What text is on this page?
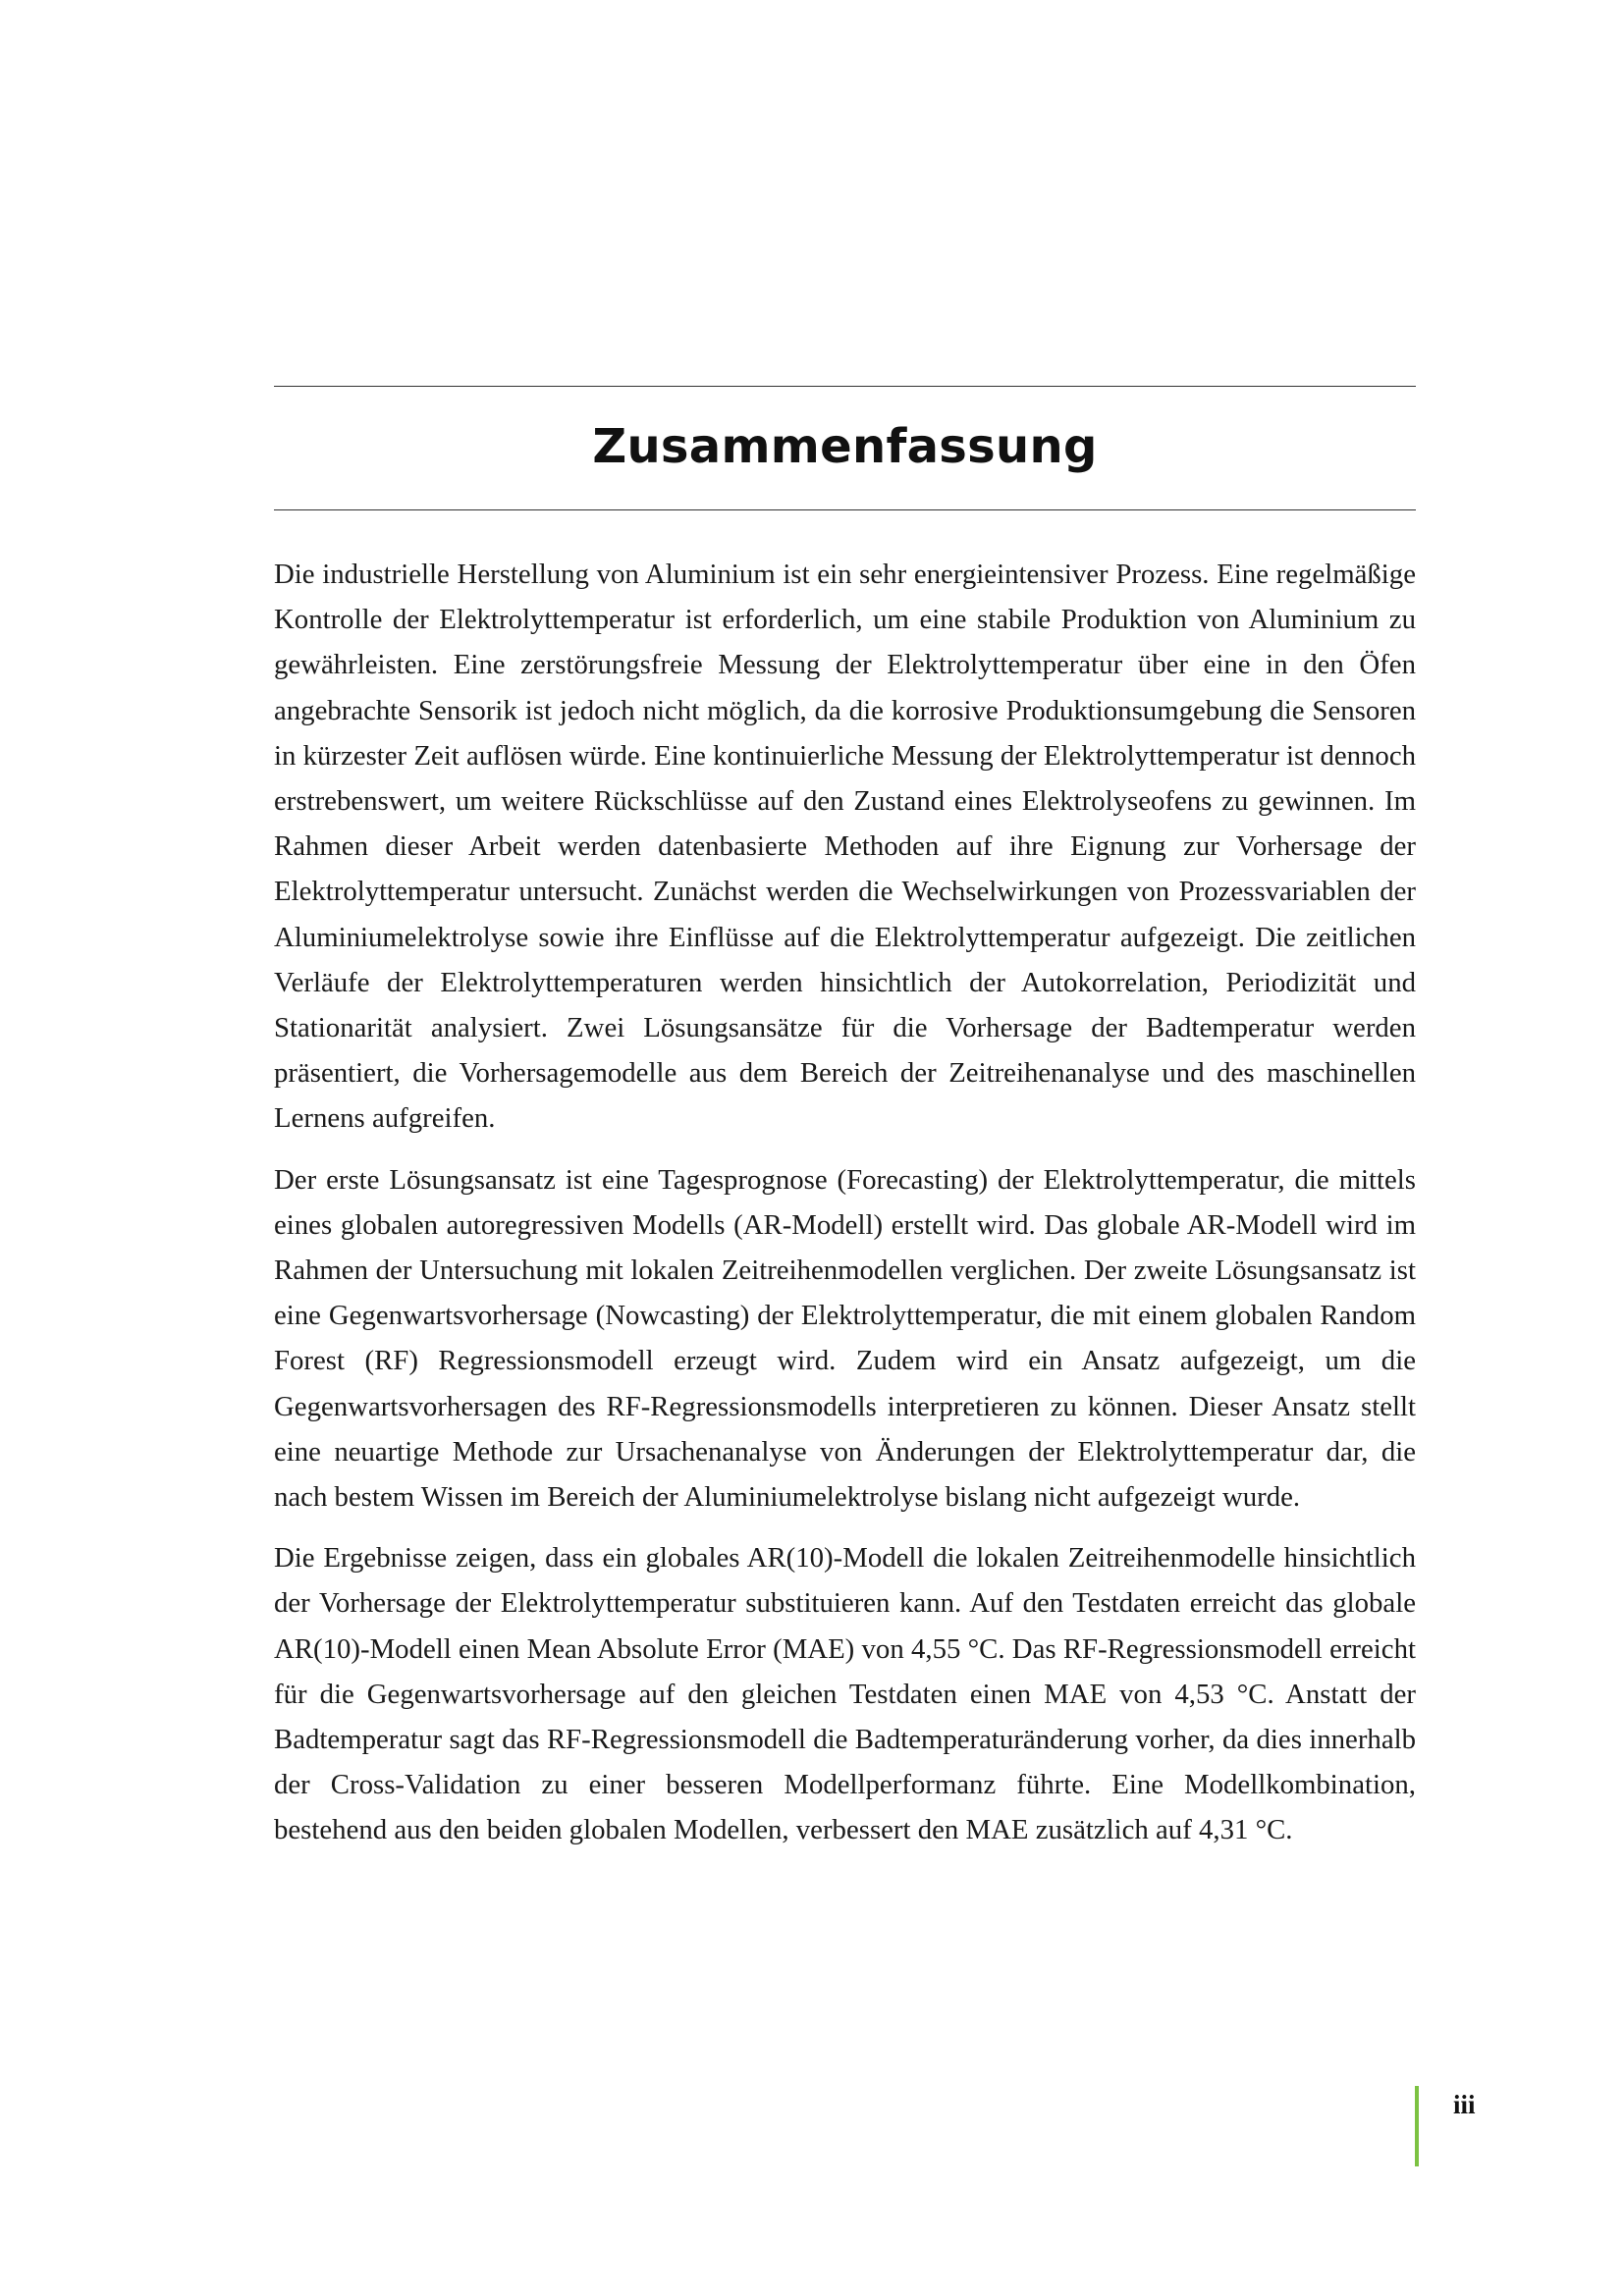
Zusammenfassung

Die industrielle Herstellung von Aluminium ist ein sehr energieintensiver Prozess. Eine regelmäßige Kontrolle der Elektrolyttemperatur ist erforderlich, um eine stabile Produktion von Aluminium zu gewährleisten. Eine zerstörungsfreie Messung der Elektrolyttemperatur über eine in den Öfen angebrachte Sensorik ist jedoch nicht möglich, da die korrosive Produktionsumgebung die Sensoren in kürzester Zeit auflösen würde. Eine kontinuierliche Messung der Elektrolyttemperatur ist dennoch erstrebenswert, um weitere Rückschlüsse auf den Zustand eines Elektrolyseofens zu gewinnen. Im Rahmen dieser Arbeit werden datenbasierte Methoden auf ihre Eignung zur Vorhersage der Elektrolyttemperatur untersucht. Zunächst werden die Wechselwirkungen von Prozessvariablen der Aluminiumelektrolyse sowie ihre Einflüsse auf die Elektrolyttemperatur aufgezeigt. Die zeitlichen Verläufe der Elektrolyttemperaturen werden hinsichtlich der Autokorrelation, Periodizität und Stationarität analysiert. Zwei Lösungsansätze für die Vorhersage der Badtemperatur werden präsentiert, die Vorhersagemodelle aus dem Bereich der Zeitreihenanalyse und des maschinellen Lernens aufgreifen.

Der erste Lösungsansatz ist eine Tagesprognose (Forecasting) der Elektrolyttemperatur, die mittels eines globalen autoregressiven Modells (AR-Modell) erstellt wird. Das globale AR-Modell wird im Rahmen der Untersuchung mit lokalen Zeitreihenmodellen verglichen. Der zweite Lösungsansatz ist eine Gegenwartsvorhersage (Nowcasting) der Elektrolyttemperatur, die mit einem globalen Random Forest (RF) Regressionsmodell erzeugt wird. Zudem wird ein Ansatz aufgezeigt, um die Gegenwartsvorhersagen des RF-Regressionsmodells interpretieren zu können. Dieser Ansatz stellt eine neuartige Methode zur Ursachenanalyse von Änderungen der Elektrolyttemperatur dar, die nach bestem Wissen im Bereich der Aluminiumelektrolyse bislang nicht aufgezeigt wurde.

Die Ergebnisse zeigen, dass ein globales AR(10)-Modell die lokalen Zeitreihenmodelle hinsichtlich der Vorhersage der Elektrolyttemperatur substituieren kann. Auf den Testdaten erreicht das globale AR(10)-Modell einen Mean Absolute Error (MAE) von 4,55 °C. Das RF-Regressionsmodell erreicht für die Gegenwartsvorhersage auf den gleichen Testdaten einen MAE von 4,53 °C. Anstatt der Badtemperatur sagt das RF-Regressionsmodell die Badtemperaturänderung vorher, da dies innerhalb der Cross-Validation zu einer besseren Modellperformanz führte. Eine Modellkombination, bestehend aus den beiden globalen Modellen, verbessert den MAE zusätzlich auf 4,31 °C.

iii
